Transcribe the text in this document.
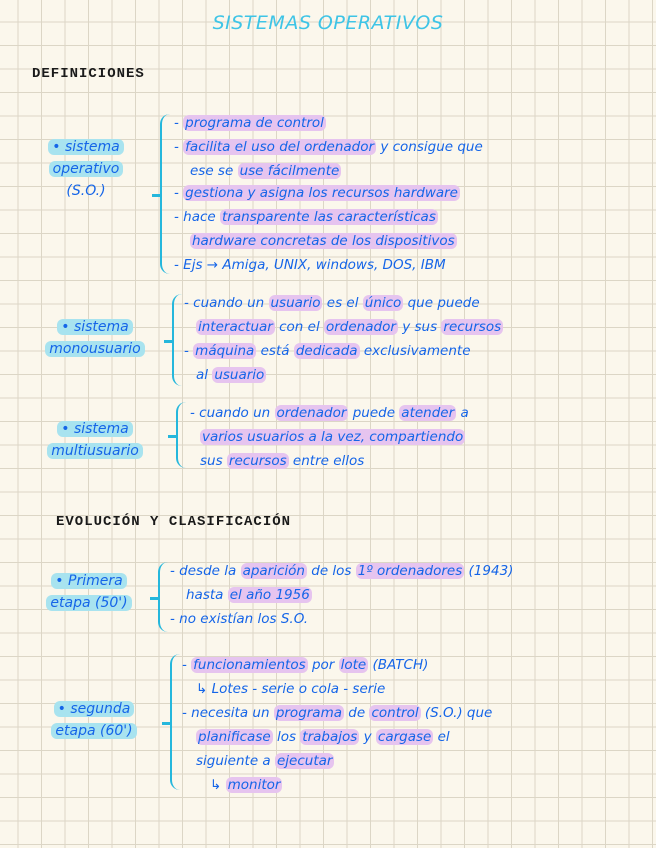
SISTEMAS OPERATIVOS
DEFINICIONES
• sistema
operativo
(S.O.)
- programa de control
- facilita el uso del ordenador y consigue que
ese se use fácilmente
- gestiona y asigna los recursos hardware
- hace transparente las características
hardware concretas de los dispositivos
- Ejs → Amiga, UNIX, windows, DOS, IBM
• sistema
monousuario
- cuando un usuario es el único que puede
interactuar con el ordenador y sus recursos
- máquina está dedicada exclusivamente
al usuario
• sistema
multiusuario
- cuando un ordenador puede atender a
varios usuarios a la vez, compartiendo
sus recursos entre ellos
EVOLUCIÓN Y CLASIFICACIÓN
• Primera
etapa (50')
- desde la aparición de los 1º ordenadores (1943)
hasta el año 1956
- no existían los S.O.
• segunda
etapa (60')
- funcionamientos por lote (BATCH)
↳ Lotes - serie o cola - serie
- necesita un programa de control (S.O.) que
planificase los trabajos y cargase el
siguiente a ejecutar
↳ monitor
